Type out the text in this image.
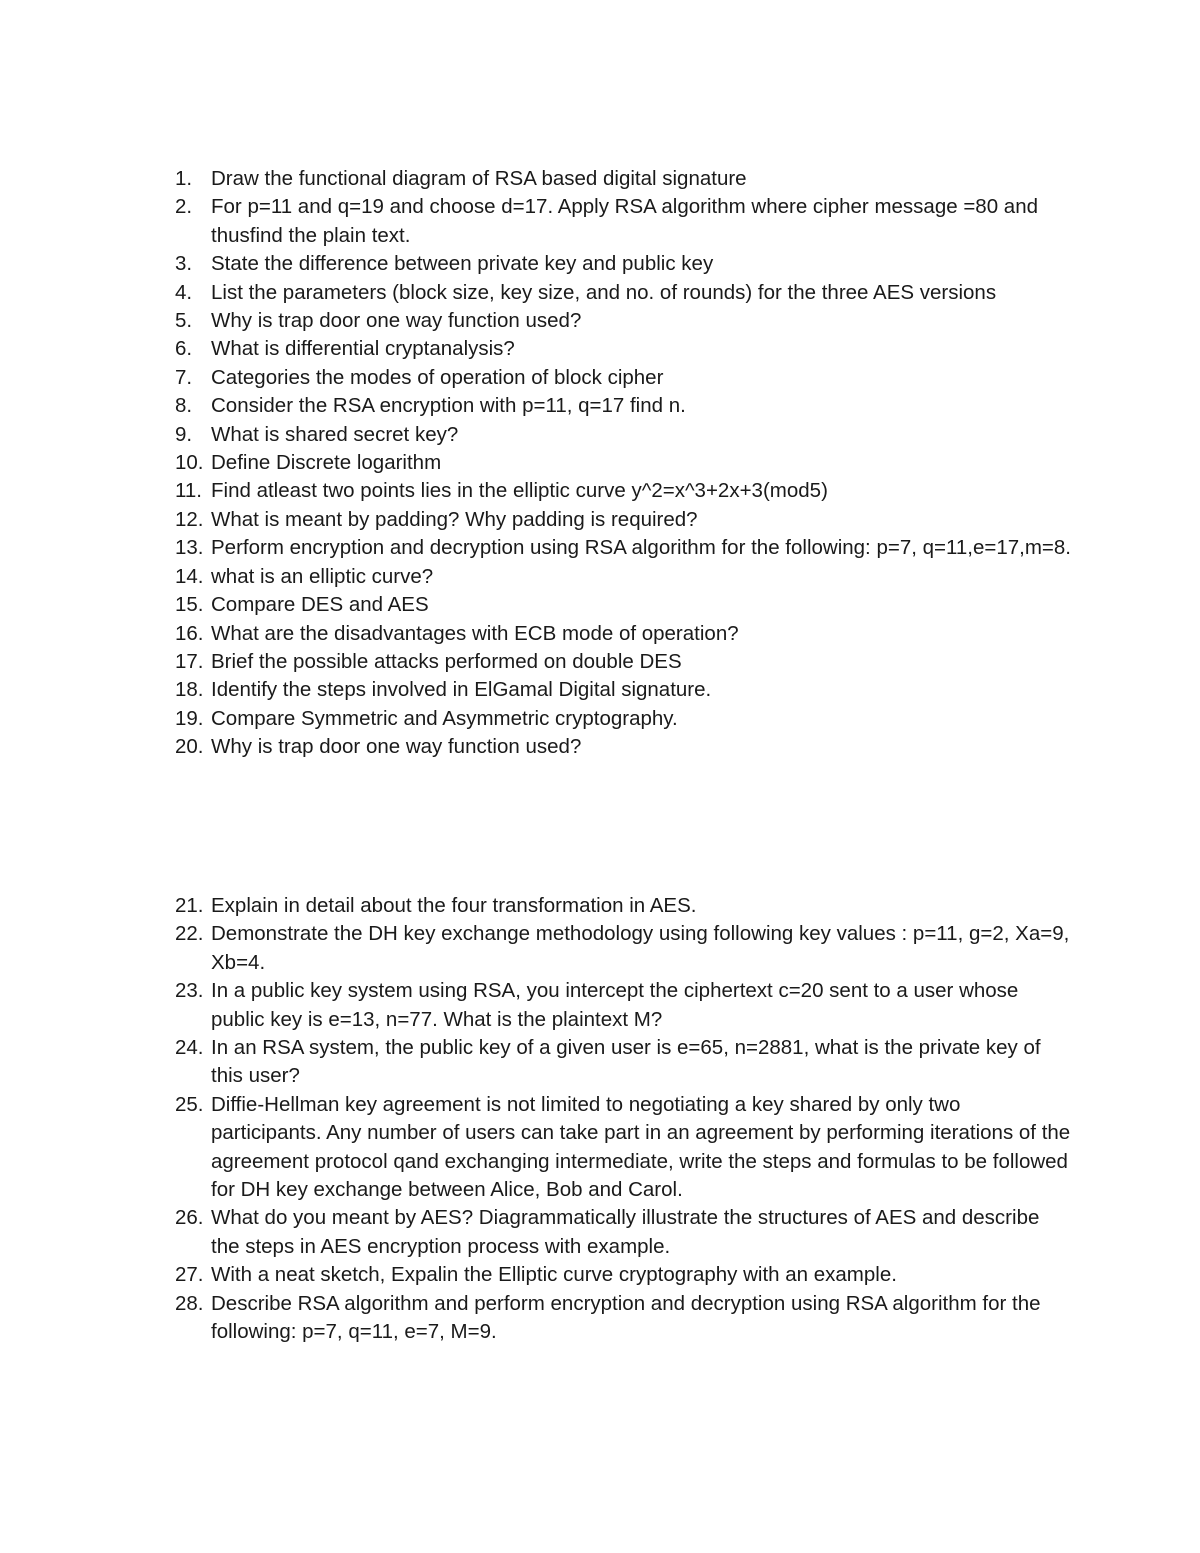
1. Draw the functional diagram of RSA based digital signature
2. For p=11 and q=19 and choose d=17. Apply RSA algorithm where cipher message =80 and thusfind the plain text.
3. State the difference between private key and public key
4. List the parameters (block size, key size, and no. of rounds) for the three AES versions
5. Why is trap door one way function used?
6. What is differential cryptanalysis?
7. Categories the modes of operation of block cipher
8. Consider the RSA encryption with p=11, q=17 find n.
9. What is shared secret key?
10. Define Discrete logarithm
11. Find atleast two points lies in the elliptic curve y^2=x^3+2x+3(mod5)
12. What is meant by padding? Why padding is required?
13. Perform encryption and decryption using RSA algorithm for the following: p=7, q=11,e=17,m=8.
14. what is an elliptic curve?
15. Compare DES and AES
16. What are the disadvantages with ECB mode of operation?
17. Brief the possible attacks performed on double DES
18. Identify the steps involved in ElGamal Digital signature.
19. Compare Symmetric and Asymmetric cryptography.
20. Why is trap door one way function used?
21. Explain in detail about the four transformation in AES.
22. Demonstrate the DH key exchange methodology using following key values : p=11, g=2, Xa=9, Xb=4.
23. In a public key system using RSA, you intercept the ciphertext c=20 sent to a user whose public key is e=13, n=77. What is the plaintext M?
24. In an RSA system, the public key of a given user is e=65, n=2881, what is the private key of this user?
25. Diffie-Hellman key agreement is not limited to negotiating a key shared by only two participants. Any number of users can take part in an agreement by performing iterations of the agreement protocol qand exchanging intermediate, write the steps and formulas to be followed for DH key exchange between Alice, Bob and Carol.
26. What do you meant by AES? Diagrammatically illustrate the structures of AES and describe the steps in AES encryption process with example.
27. With a neat sketch, Expalin the Elliptic curve cryptography with an example.
28. Describe RSA algorithm and perform encryption and decryption using RSA algorithm for the following: p=7, q=11, e=7, M=9.
